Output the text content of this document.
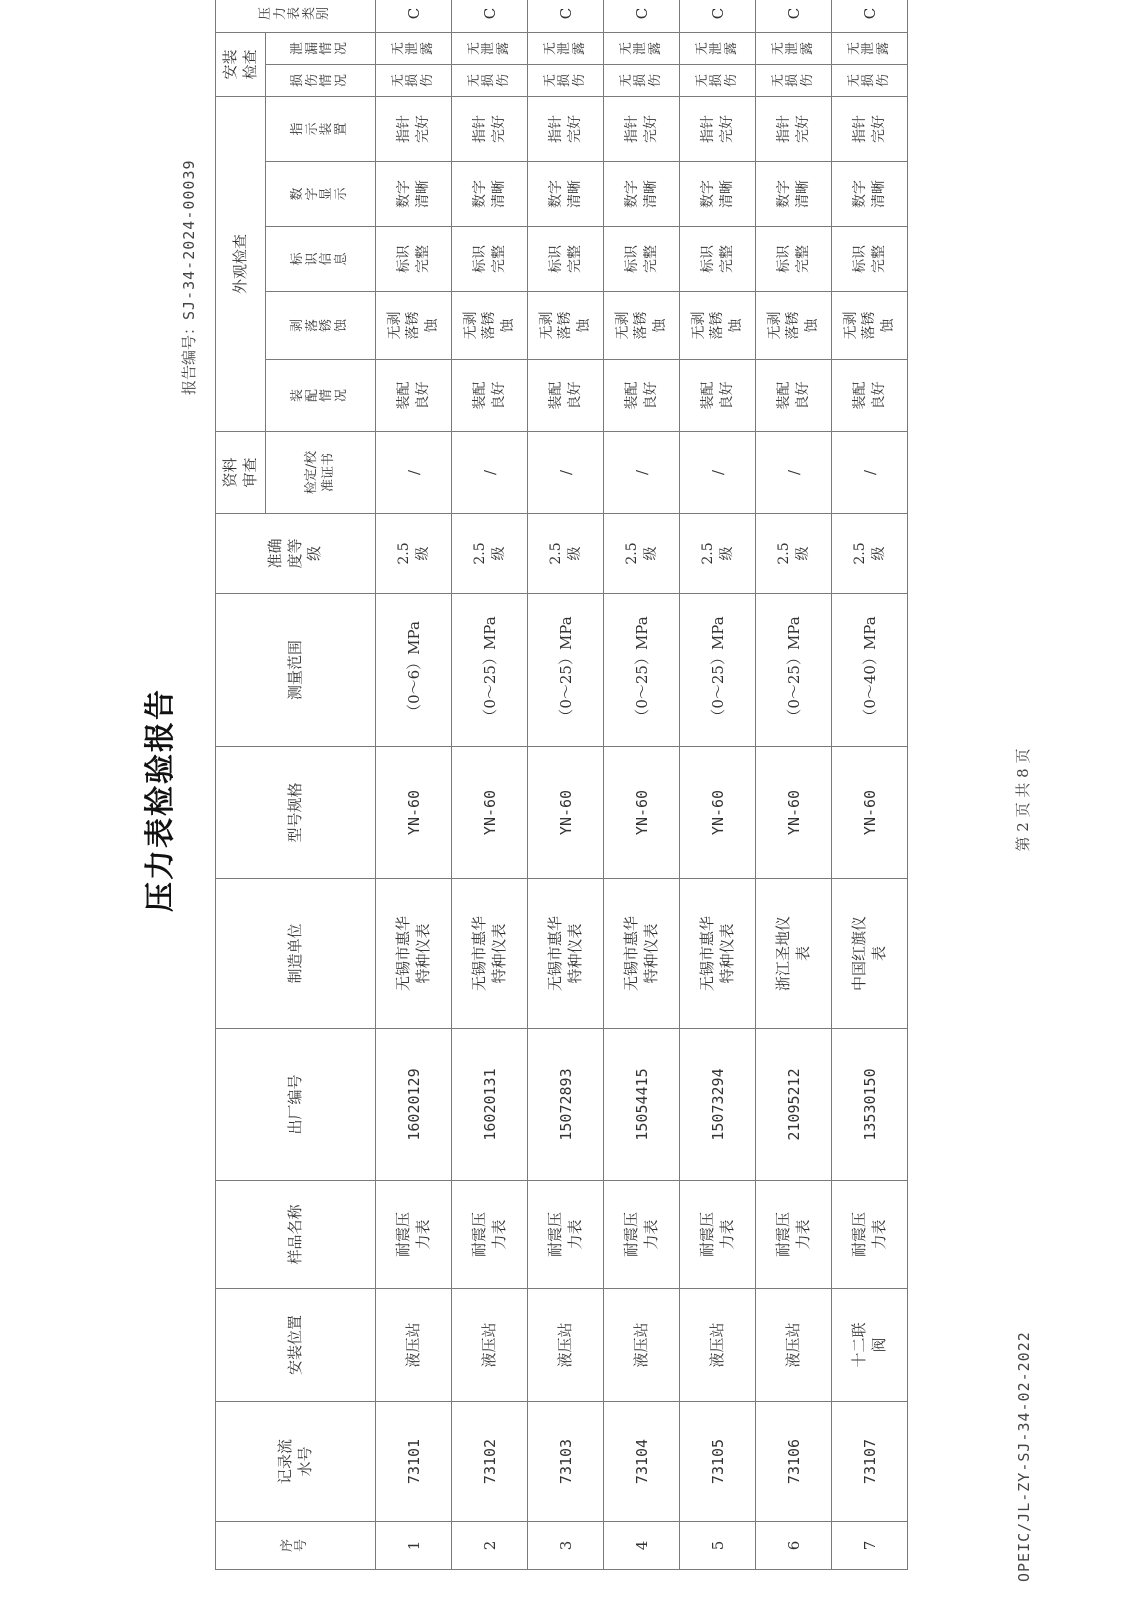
OPEIC/JL-ZY-SJ-34-02-2022
压力表检验报告
报告编号：SJ-34-2024-00039
序号	记录流水号	安装位置	样品名称	出厂编号	制造单位	型号规格	测量范围	准确度等级	资料审查	外观检查					安装检查		压力表类别	

									检定/校准证书	装配情况	剥落锈蚀	标识信息	数字显示	指示装置	损伤情况	泄漏情况		
1	73101	液压站	耐震压力表	16020129	无锡市惠华特种仪表	YN-60	（0～6）MPa	2.5级	/	装配良好	无剥落锈蚀	标识完整	数字清晰	指针完好	无损伤	无泄露	C	

2	73102	液压站	耐震压力表	16020131	无锡市惠华特种仪表	YN-60	（0～25）MPa	2.5级	/	装配良好	无剥落锈蚀	标识完整	数字清晰	指针完好	无损伤	无泄露	C	

3	73103	液压站	耐震压力表	15072893	无锡市惠华特种仪表	YN-60	（0～25）MPa	2.5级	/	装配良好	无剥落锈蚀	标识完整	数字清晰	指针完好	无损伤	无泄露	C	

4	73104	液压站	耐震压力表	15054415	无锡市惠华特种仪表	YN-60	（0～25）MPa	2.5级	/	装配良好	无剥落锈蚀	标识完整	数字清晰	指针完好	无损伤	无泄露	C	

5	73105	液压站	耐震压力表	15073294	无锡市惠华特种仪表	YN-60	（0～25）MPa	2.5级	/	装配良好	无剥落锈蚀	标识完整	数字清晰	指针完好	无损伤	无泄露	C	

6	73106	液压站	耐震压力表	21095212	浙江圣地仪表	YN-60	（0～25）MPa	2.5级	/	装配良好	无剥落锈蚀	标识完整	数字清晰	指针完好	无损伤	无泄露	C	

7	73107	十二联阀	耐震压力表	13530150	中国红旗仪表	YN-60	（0～40）MPa	2.5级	/	装配良好	无剥落锈蚀	标识完整	数字清晰	指针完好	无损伤	无泄露	C	
第 2 页 共 8 页
